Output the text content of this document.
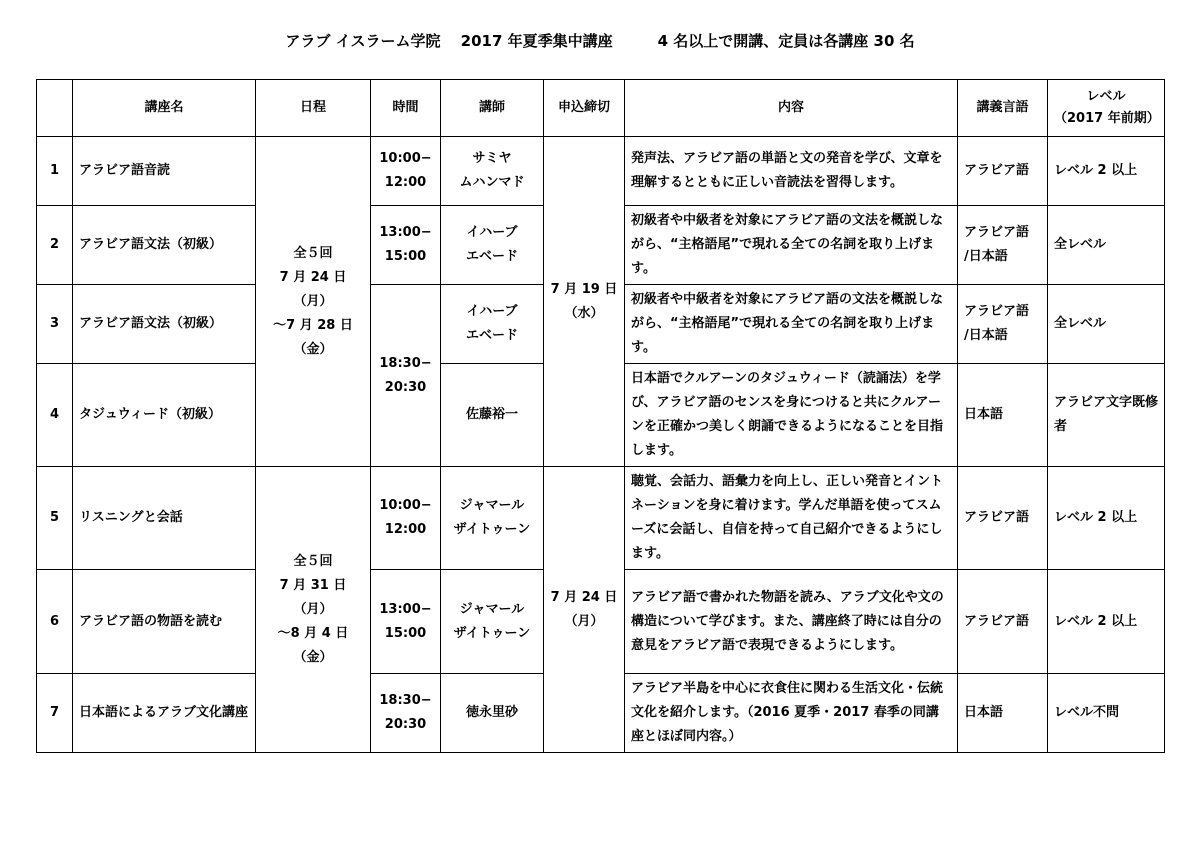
アラブ イスラーム学院　 2017 年夏季集中講座　　　4 名以上で開講、定員は各講座 30 名
	講座名	日程	時間	講師	申込締切	内容	講義言語	レベル
（2017 年前期）
1	アラビア語音読	全５回
7 月 24 日（月）
～7 月 28 日
（金）	10:00−
12:00	サミヤ
ムハンマド	7 月 19 日
（水）	発声法、アラビア語の単語と文の発音を学び、文章を理解するとともに正しい音読法を習得します。	アラビア語	レベル 2 以上
2	アラビア語文法（初級）		13:00−
15:00	イハーブ
エベード		初級者や中級者を対象にアラビア語の文法を概説しながら、“主格語尾”で現れる全ての名詞を取り上げます。	アラビア語
/日本語	全レベル
3	アラビア語文法（初級）		18:30−
20:30	イハーブ
エベード		初級者や中級者を対象にアラビア語の文法を概説しながら、“主格語尾”で現れる全ての名詞を取り上げます。	アラビア語
/日本語	全レベル
4	タジュウィード（初級）			佐藤裕一		日本語でクルアーンのタジュウィード（読誦法）を学び、アラビア語のセンスを身につけると共にクルアーンを正確かつ美しく朗誦できるようになることを目指します。	日本語	アラビア文字既修者
5	リスニングと会話	全５回
7 月 31 日（月）
～8 月 4 日（金）	10:00−
12:00	ジャマール
ザイトゥーン	7 月 24 日
（月）	聴覚、会話力、語彙力を向上し、正しい発音とイントネーションを身に着けます。学んだ単語を使ってスムーズに会話し、自信を持って自己紹介できるようにします。	アラビア語	レベル 2 以上
6	アラビア語の物語を読む		13:00−
15:00	ジャマール
ザイトゥーン		アラビア語で書かれた物語を読み、アラブ文化や文の構造について学びます。また、講座終了時には自分の意見をアラビア語で表現できるようにします。	アラビア語	レベル 2 以上
7	日本語によるアラブ文化講座		18:30−
20:30	徳永里砂		アラビア半島を中心に衣食住に関わる生活文化・伝統文化を紹介します。（2016 夏季・2017 春季の同講座とほぼ同内容。）	日本語	レベル不問
